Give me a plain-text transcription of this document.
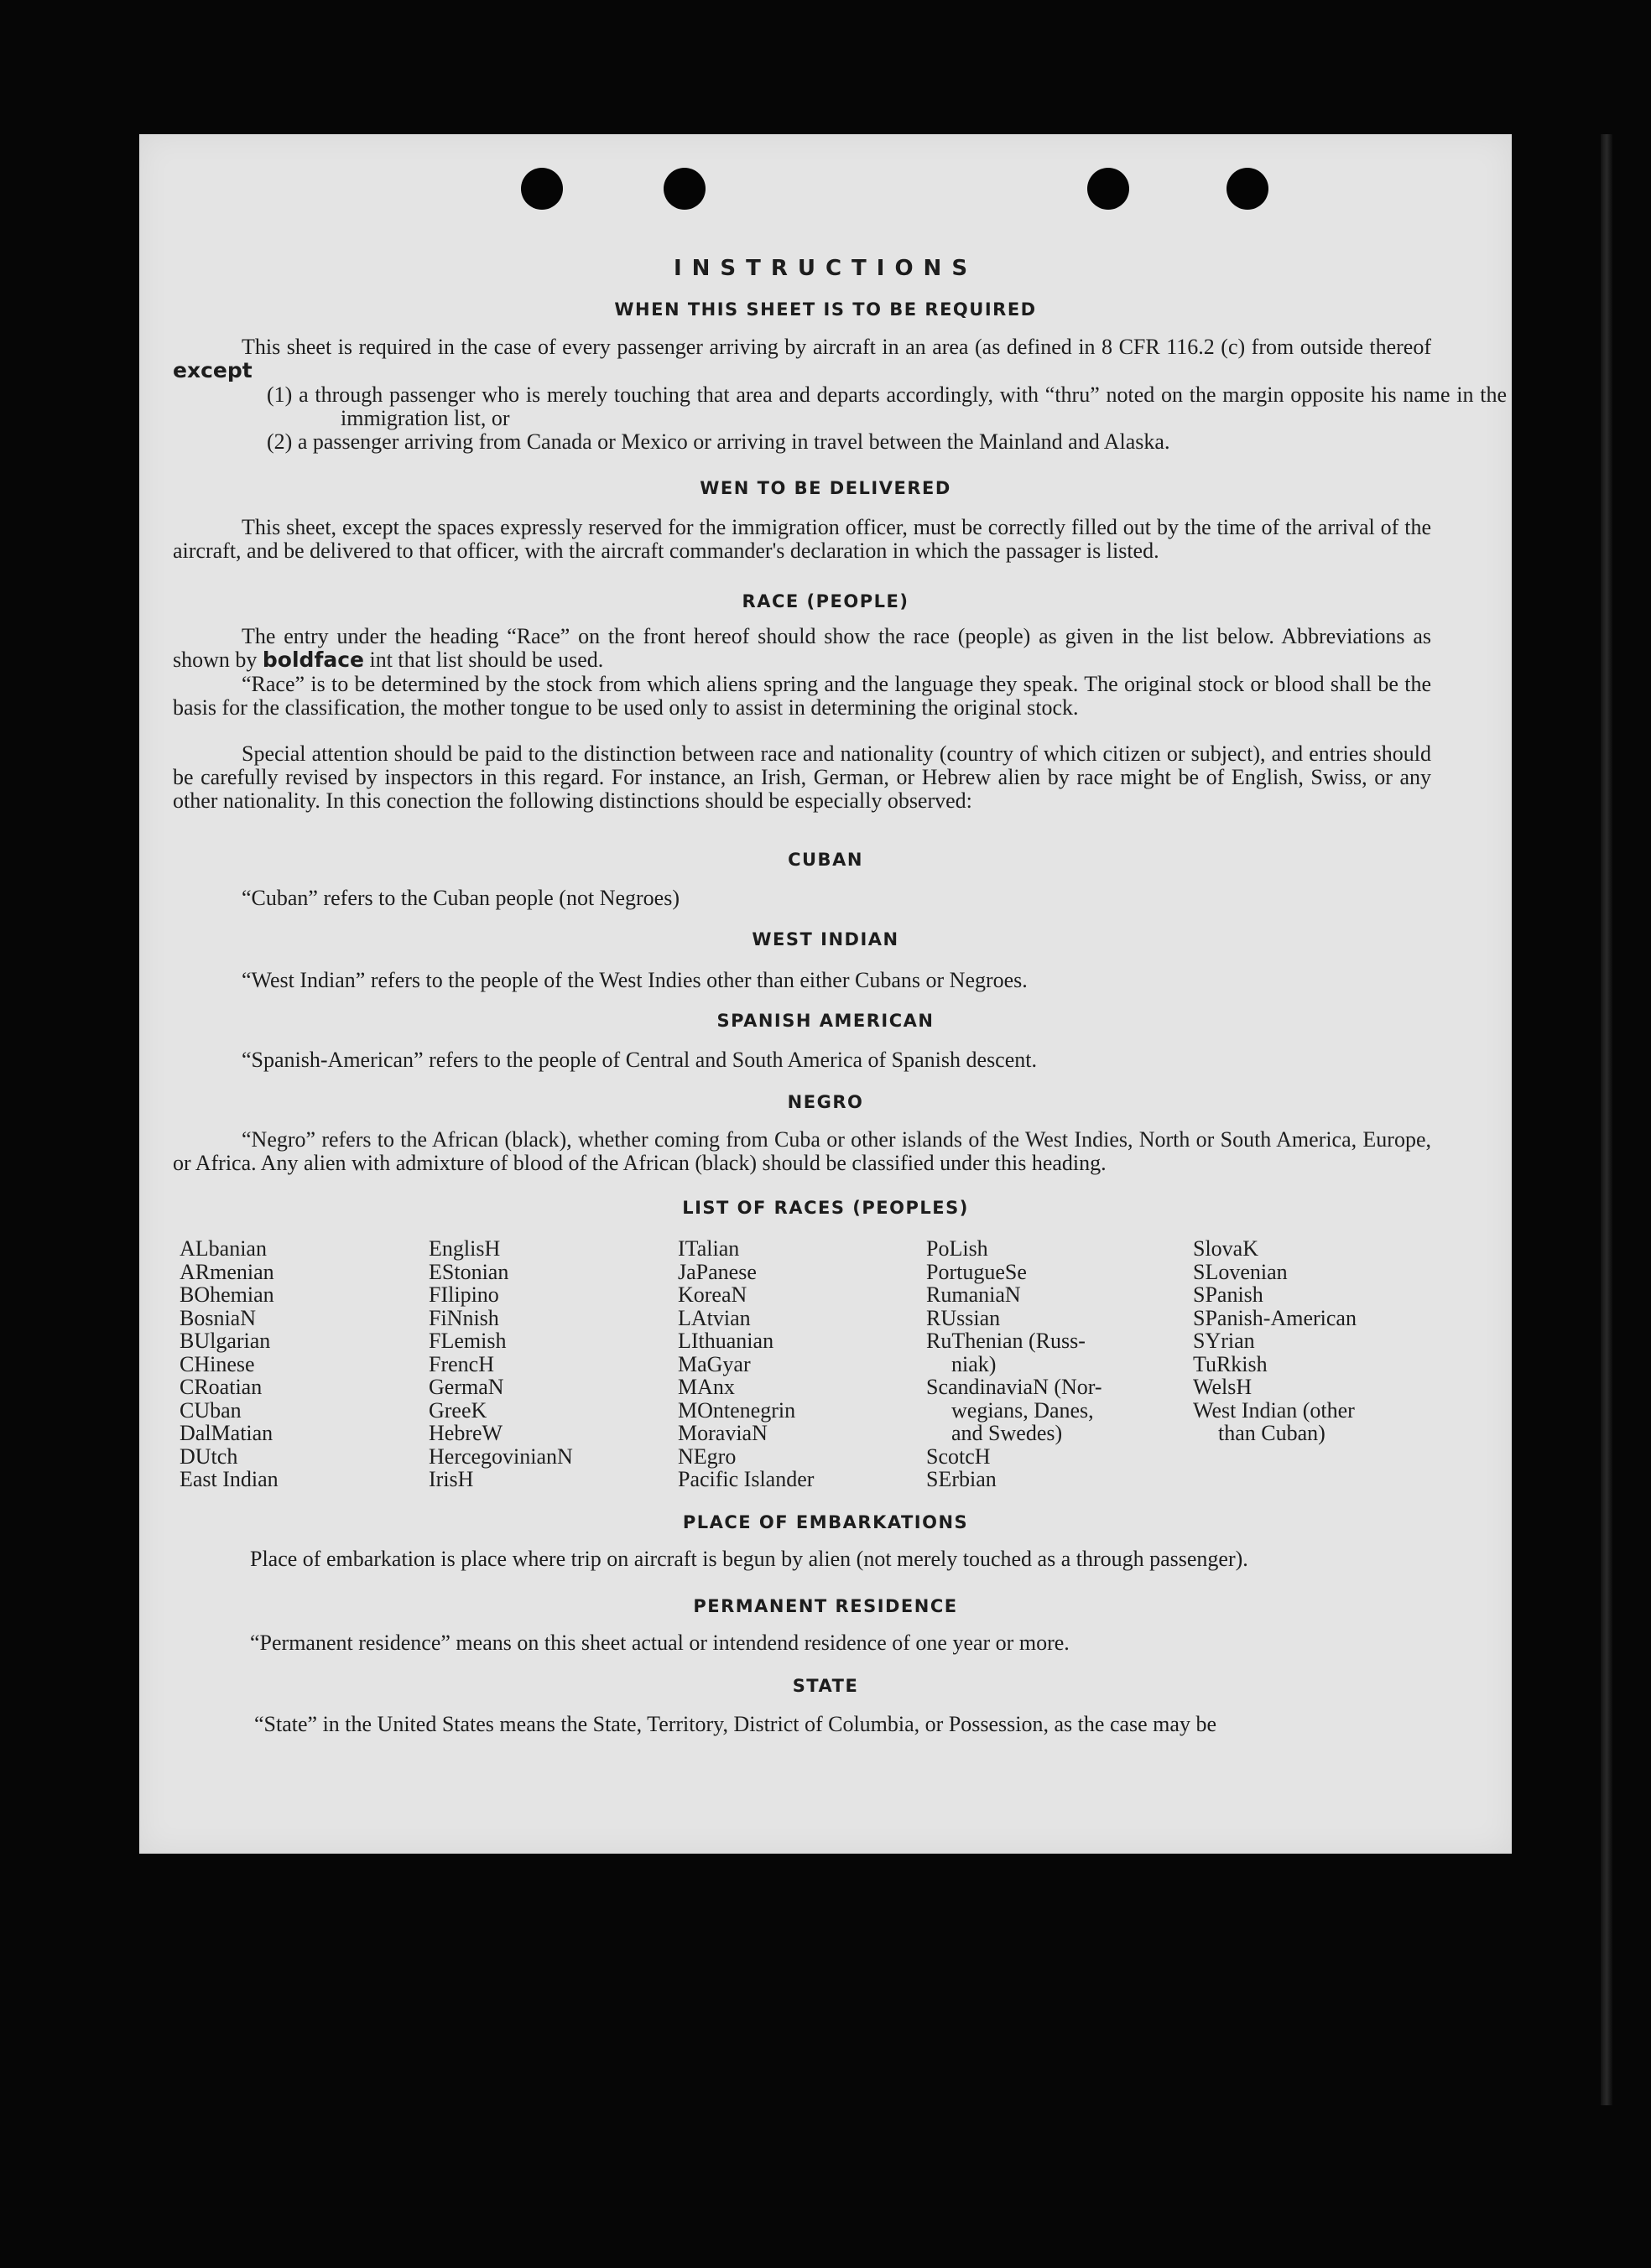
INSTRUCTIONS
WHEN THIS SHEET IS TO BE REQUIRED

This sheet is required in the case of every passenger arriving by aircraft in an area (as defined in 8 CFR 116.2 (c) from outside thereof except

(1) a through passenger who is merely touching that area and departs accordingly, with “thru” noted on the margin opposite his name in the immigration list, or
(2) a passenger arriving from Canada or Mexico or arriving in travel between the Mainland and Alaska.
WEN TO BE DELIVERED

This sheet, except the spaces expressly reserved for the immigration officer, must be correctly filled out by the time of the arrival of the aircraft, and be delivered to that officer, with the aircraft commander's declaration in which the passager is listed.

RACE (PEOPLE)

The entry under the heading “Race” on the front hereof should show the race (people) as given in the list below. Abbreviations as shown by boldface int that list should be used.

“Race” is to be determined by the stock from which aliens spring and the language they speak. The original stock or blood shall be the basis for the classification, the mother tongue to be used only to assist in determining the original stock.

Special attention should be paid to the distinction between race and nationality (country of which citizen or subject), and entries should be carefully revised by inspectors in this regard. For instance, an Irish, German, or Hebrew alien by race might be of English, Swiss, or any other nationality. In this conection the following distinctions should be especially observed:

CUBAN

“Cuban” refers to the Cuban people (not Negroes)

WEST INDIAN

“West Indian” refers to the people of the West Indies other than either Cubans or Negroes.

SPANISH AMERICAN

“Spanish-American” refers to the people of Central and South America of Spanish descent.

NEGRO

“Negro” refers to the African (black), whether coming from Cuba or other islands of the West Indies, North or South America, Europe, or Africa. Any alien with admixture of blood of the African (black) should be classified under this heading.

LIST OF RACES (PEOPLES)
ALbanian
ARmenian
BOhemian
BosniaN
BUlgarian
CHinese
CRoatian
CUban
DalMatian
DUtch
East Indian
EnglisH
EStonian
FIlipino
FiNnish
FLemish
FrencH
GermaN
GreeK
HebreW
HercegovinianN
IrisH
ITalian
JaPanese
KoreaN
LAtvian
LIthuanian
MaGyar
MAnx
MOntenegrin
MoraviaN
NEgro
Pacific Islander
PoLish
PortugueSe
RumaniaN
RUssian
RuThenian (Russ-
niak)
ScandinaviaN (Nor-
wegians, Danes,
and Swedes)
ScotcH
SErbian
SlovaK
SLovenian
SPanish
SPanish-American
SYrian
TuRkish
WelsH
West Indian (other
than Cuban)
PLACE OF EMBARKATIONS

Place of embarkation is place where trip on aircraft is begun by alien (not merely touched as a through passenger).

PERMANENT RESIDENCE

“Permanent residence” means on this sheet actual or intendend residence of one year or more.

STATE

“State” in the United States means the State, Territory, District of Columbia, or Possession, as the case may be
